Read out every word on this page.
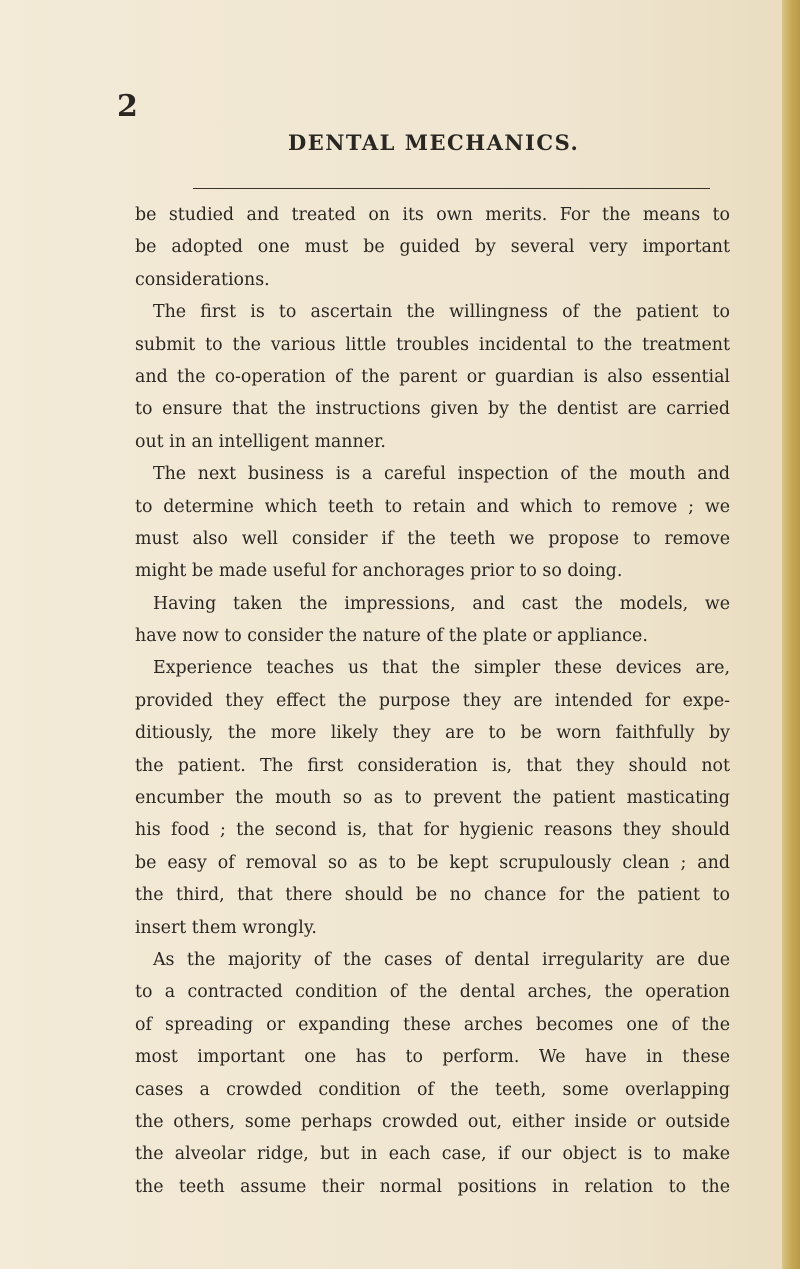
2
DENTAL MECHANICS.
be studied and treated on its own merits. For the means to
be adopted one must be guided by several very important
considerations.
The first is to ascertain the willingness of the patient to
submit to the various little troubles incidental to the treatment
and the co-operation of the parent or guardian is also essential
to ensure that the instructions given by the dentist are carried
out in an intelligent manner.
The next business is a careful inspection of the mouth and
to determine which teeth to retain and which to remove ; we
must also well consider if the teeth we propose to remove
might be made useful for anchorages prior to so doing.
Having taken the impressions, and cast the models, we
have now to consider the nature of the plate or appliance.
Experience teaches us that the simpler these devices are,
provided they effect the purpose they are intended for expe-
ditiously, the more likely they are to be worn faithfully by
the patient. The first consideration is, that they should not
encumber the mouth so as to prevent the patient masticating
his food ; the second is, that for hygienic reasons they should
be easy of removal so as to be kept scrupulously clean ; and
the third, that there should be no chance for the patient to
insert them wrongly.
As the majority of the cases of dental irregularity are due
to a contracted condition of the dental arches, the operation
of spreading or expanding these arches becomes one of the
most important one has to perform. We have in these
cases a crowded condition of the teeth, some overlapping
the others, some perhaps crowded out, either inside or outside
the alveolar ridge, but in each case, if our object is to make
the teeth assume their normal positions in relation to the
